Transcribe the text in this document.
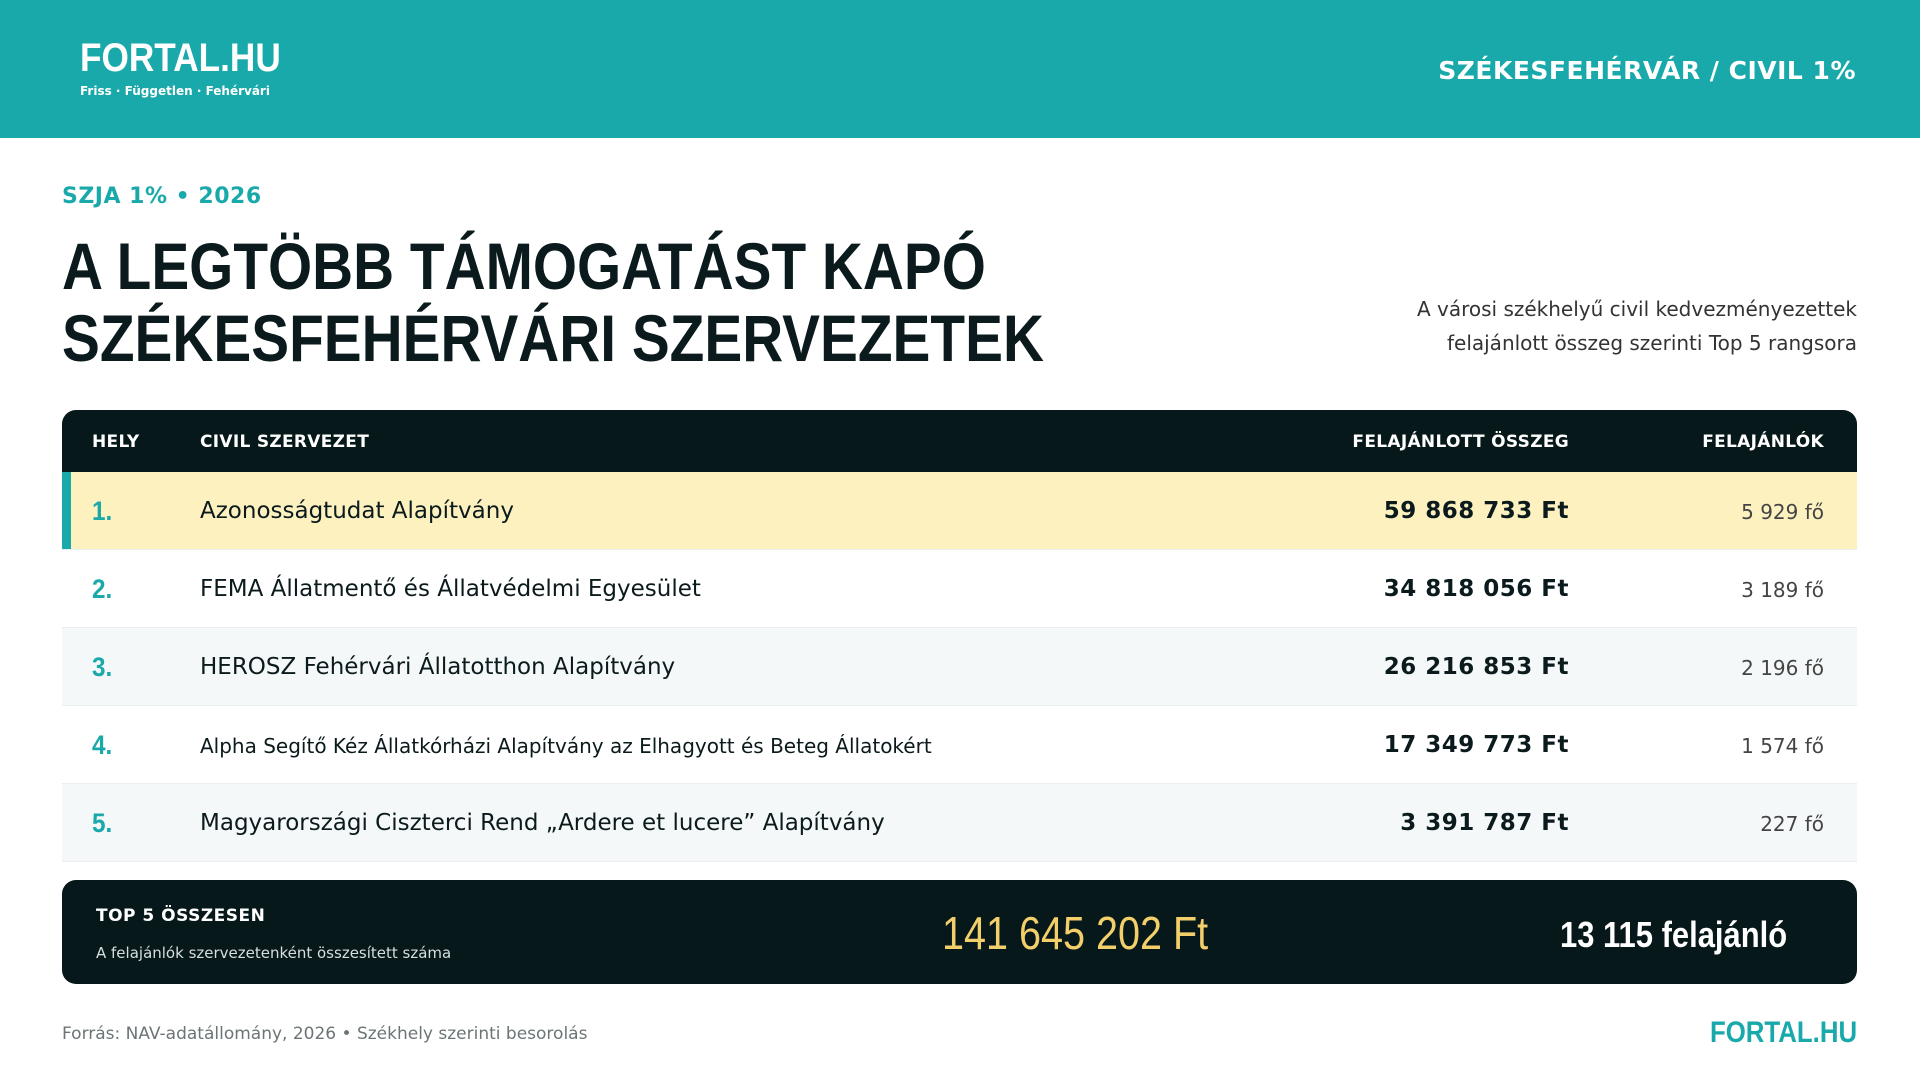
FORTAL.HU
Friss · Független · Fehérvári
SZÉKESFEHÉRVÁR / CIVIL 1%
SZJA 1% • 2026
A LEGTÖBB TÁMOGATÁST KAPÓ
SZÉKESFEHÉRVÁRI SZERVEZETEK	A városi székhelyű civil kedvezményezettek
felajánlott összeg szerinti Top 5 rangsora
HELY	CIVIL SZERVEZET	FELAJÁNLOTT ÖSSZEG	FELAJÁNLÓK
1.	Azonosságtudat Alapítvány	59 868 733 Ft	5 929 fő
2.	FEMA Állatmentő és Állatvédelmi Egyesület	34 818 056 Ft	3 189 fő
3.	HEROSZ Fehérvári Állatotthon Alapítvány	26 216 853 Ft	2 196 fő
4.	Alpha Segítő Kéz Állatkórházi Alapítvány az Elhagyott és Beteg Állatokért	17 349 773 Ft	1 574 fő
5.	Magyarországi Ciszterci Rend „Ardere et lucere” Alapítvány	3 391 787 Ft	227 fő
TOP 5 ÖSSZESEN
A felajánlók szervezetenként összesített száma	141 645 202 Ft	13 115 felajánló
Forrás: NAV-adatállomány, 2026 • Székhely szerinti besorolás	FORTAL.HU
